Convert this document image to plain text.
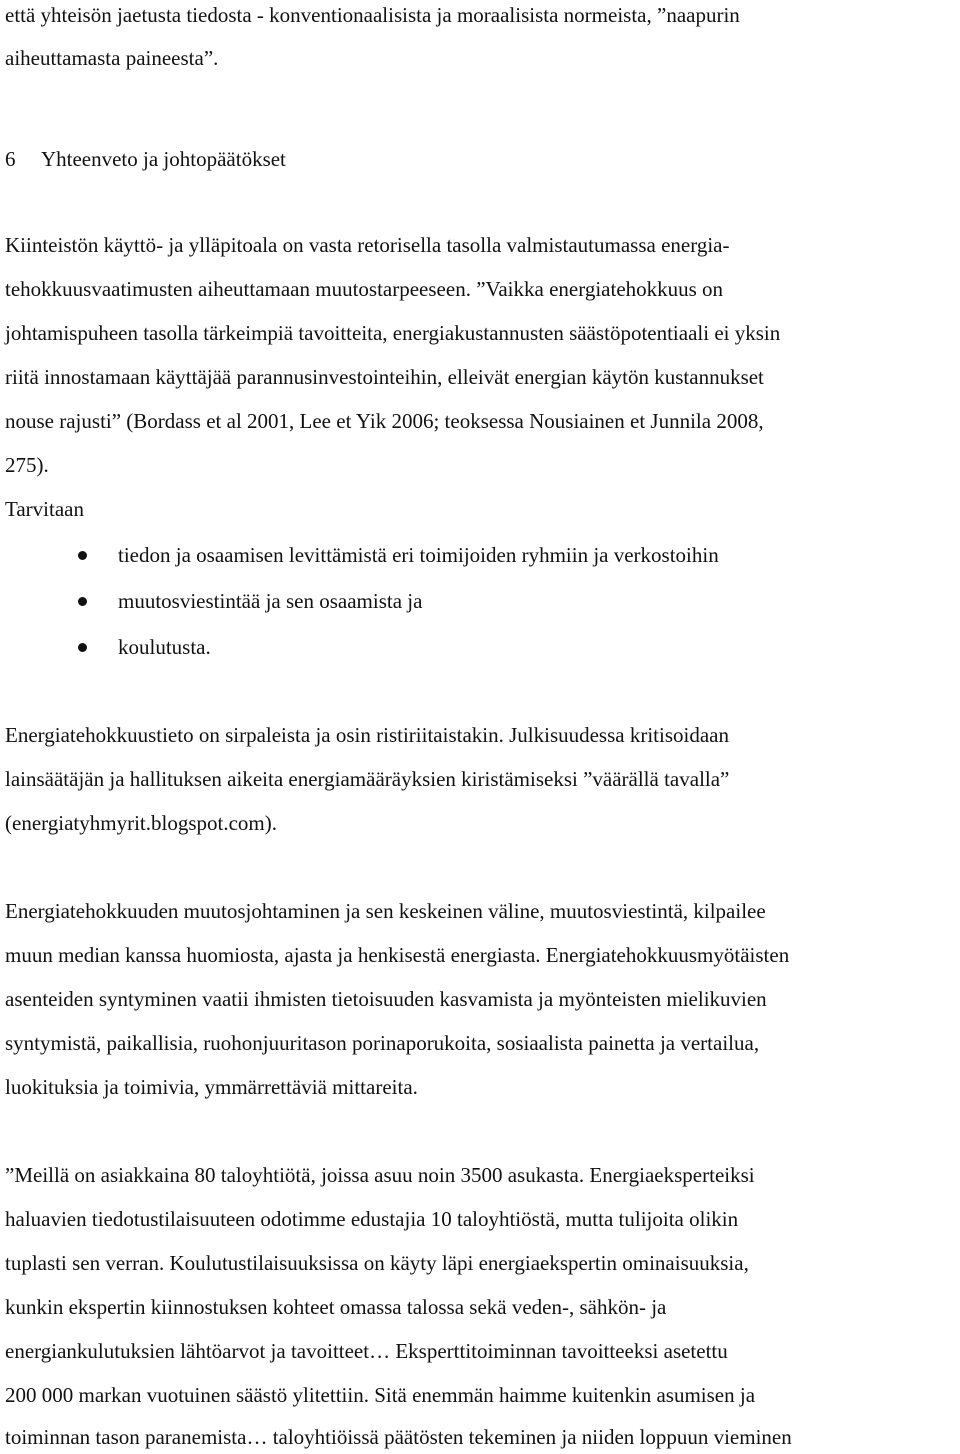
että yhteisön jaetusta tiedosta - konventionaalisista ja moraalisista normeista, ”naapurin
aiheuttamasta paineesta”.
6     Yhteenveto ja johtopäätökset
Kiinteistön käyttö- ja ylläpitoala on vasta retorisella tasolla valmistautumassa energia-
tehokkuusvaatimusten aiheuttamaan muutostarpeeseen. ”Vaikka energiatehokkuus on
johtamispuheen tasolla tärkeimpiä tavoitteita, energiakustannusten säästöpotentiaali ei yksin
riitä innostamaan käyttäjää parannusinvestointeihin, elleivät energian käytön kustannukset
nouse rajusti” (Bordass et al 2001, Lee et Yik 2006; teoksessa Nousiainen et Junnila 2008,
275).
Tarvitaan
tiedon ja osaamisen levittämistä eri toimijoiden ryhmiin ja verkostoihin
muutosviestintää ja sen osaamista ja
koulutusta.
Energiatehokkuustieto on sirpaleista ja osin ristiriitaistakin. Julkisuudessa kritisoidaan
lainsäätäjän ja hallituksen aikeita energiamääräyksien kiristämiseksi ”väärällä tavalla”
(energiatyhmyrit.blogspot.com).
Energiatehokkuuden muutosjohtaminen ja sen keskeinen väline, muutosviestintä, kilpailee
muun median kanssa huomiosta, ajasta ja henkisestä energiasta. Energiatehokkuusmyötäisten
asenteiden syntyminen vaatii ihmisten tietoisuuden kasvamista ja myönteisten mielikuvien
syntymistä, paikallisia, ruohonjuuritason porinaporukoita, sosiaalista painetta ja vertailua,
luokituksia ja toimivia, ymmärrettäviä mittareita.
”Meillä on asiakkaina 80 taloyhtiötä, joissa asuu noin 3500 asukasta. Energiaeksperteiksi
haluavien tiedotustilaisuuteen odotimme edustajia 10 taloyhtiöstä, mutta tulijoita olikin
tuplasti sen verran. Koulutustilaisuuksissa on käyty läpi energiaekspertin ominaisuuksia,
kunkin ekspertin kiinnostuksen kohteet omassa talossa sekä veden-, sähkön- ja
energiankulutuksien lähtöarvot ja tavoitteet… Eksperttitoiminnan tavoitteeksi asetettu
200 000 markan vuotuinen säästö ylitettiin. Sitä enemmän haimme kuitenkin asumisen ja
toiminnan tason paranemista… taloyhtiöissä päätösten tekeminen ja niiden loppuun vieminen
